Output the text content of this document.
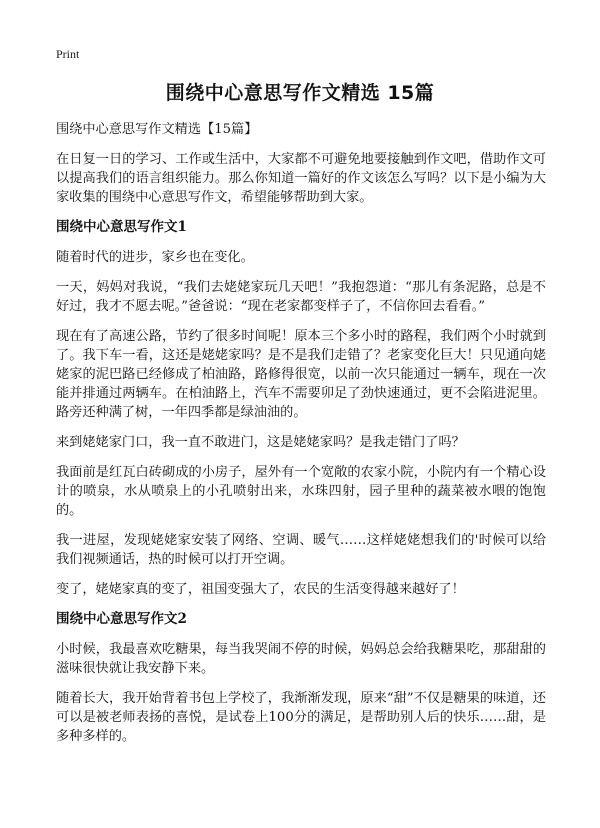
Print
围绕中心意思写作文精选 15篇

围绕中心意思写作文精选【15篇】

在日复一日的学习、工作或生活中，大家都不可避免地要接触到作文吧，借助作文可以提高我们的语言组织能力。那么你知道一篇好的作文该怎么写吗？以下是小编为大家收集的围绕中心意思写作文，希望能够帮助到大家。

围绕中心意思写作文1

随着时代的进步，家乡也在变化。

一天，妈妈对我说，“我们去姥姥家玩几天吧！”我抱怨道：“那儿有条泥路，总是不好过，我才不愿去呢。”爸爸说：“现在老家都变样子了，不信你回去看看。”

现在有了高速公路，节约了很多时间呢！原本三个多小时的路程，我们两个小时就到了。我下车一看，这还是姥姥家吗？是不是我们走错了？老家变化巨大！只见通向姥姥家的泥巴路已经修成了柏油路，路修得很宽，以前一次只能通过一辆车，现在一次能并排通过两辆车。在柏油路上，汽车不需要卯足了劲快速通过，更不会陷进泥里。路旁还种满了树，一年四季都是绿油油的。

来到姥姥家门口，我一直不敢进门，这是姥姥家吗？是我走错门了吗？

我面前是红瓦白砖砌成的小房子，屋外有一个宽敞的农家小院，小院内有一个精心设计的喷泉，水从喷泉上的小孔喷射出来，水珠四射，园子里种的蔬菜被水喂的饱饱的。

我一进屋，发现姥姥家安装了网络、空调、暖气……这样姥姥想我们的'时候可以给我们视频通话，热的时候可以打开空调。

变了，姥姥家真的变了，祖国变强大了，农民的生活变得越来越好了！

围绕中心意思写作文2

小时候，我最喜欢吃糖果，每当我哭闹不停的时候，妈妈总会给我糖果吃，那甜甜的滋味很快就让我安静下来。

随着长大，我开始背着书包上学校了，我渐渐发现，原来“甜”不仅是糖果的味道，还可以是被老师表扬的喜悦，是试卷上100分的满足，是帮助别人后的快乐……甜，是多种多样的。
